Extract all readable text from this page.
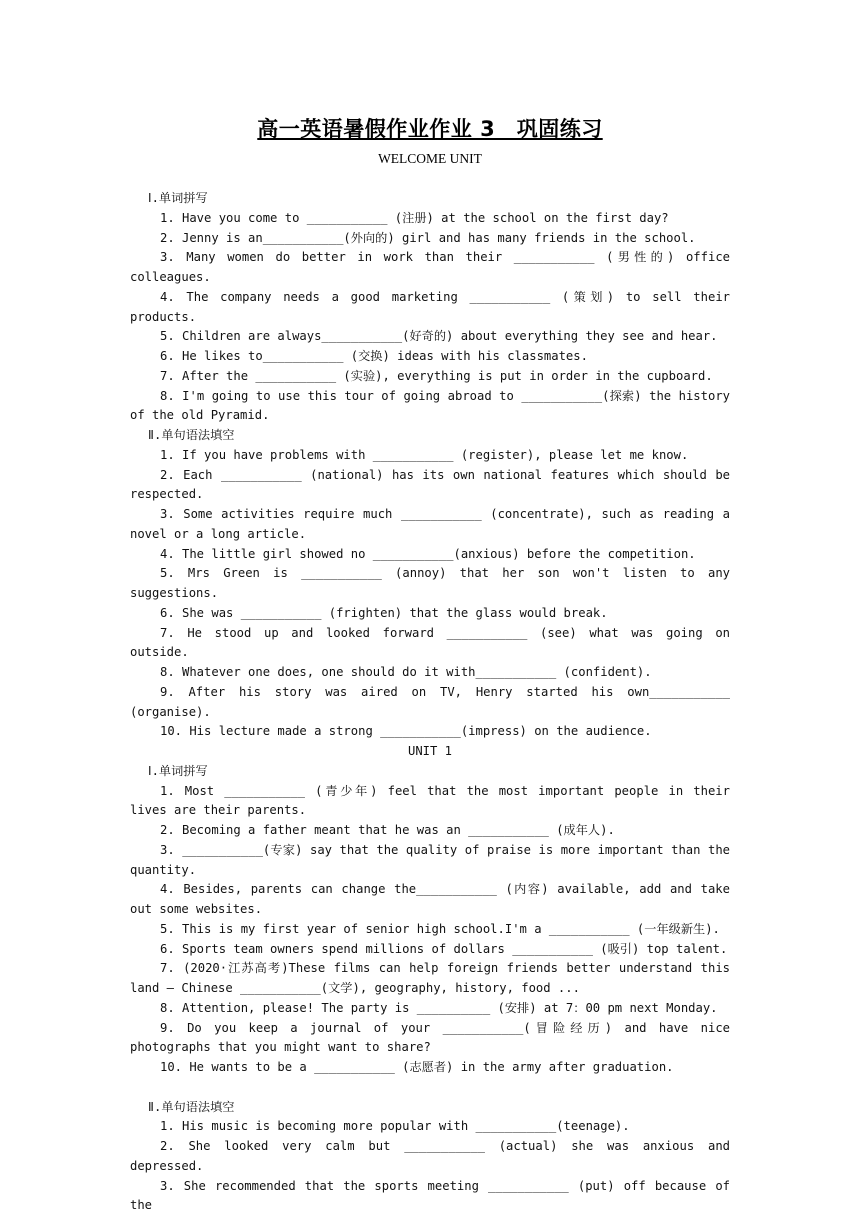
高一英语暑假作业作业 3　巩固练习
WELCOME UNIT
Ⅰ.单词拼写
1. Have you come to ___________ (注册) at the school on the first day?
2. Jenny is an___________(外向的) girl and has many friends in the school.
3. Many women do better in work than their ___________ (男性的) office colleagues.
4. The company needs a good marketing ___________ (策划) to sell their products.
5. Children are always___________(好奇的) about everything they see and hear.
6. He likes to___________ (交换) ideas with his classmates.
7. After the ___________ (实验), everything is put in order in the cupboard.
8. I'm going to use this tour of going abroad to ___________(探索) the history of the old Pyramid.
Ⅱ.单句语法填空
1. If you have problems with ___________ (register), please let me know.
2. Each ___________ (national) has its own national features which should be respected.
3. Some activities require much ___________ (concentrate), such as reading a novel or a long article.
4. The little girl showed no ___________(anxious) before the competition.
5. Mrs Green is ___________ (annoy) that her son won't listen to any suggestions.
6. She was ___________ (frighten) that the glass would break.
7. He stood up and looked forward ___________ (see) what was going on outside.
8. Whatever one does, one should do it with___________ (confident).
9. After his story was aired on TV, Henry started his own___________ (organise).
10. His lecture made a strong ___________(impress) on the audience.
UNIT 1
Ⅰ.单词拼写
1. Most ___________ (青少年) feel that the most important people in their lives are their parents.
2. Becoming a father meant that he was an ___________ (成年人).
3. ___________(专家) say that the quality of praise is more important than the quantity.
4. Besides, parents can change the___________ (内容) available, add and take out some websites.
5. This is my first year of senior high school.I'm a ___________ (一年级新生).
6. Sports team owners spend millions of dollars ___________ (吸引) top talent.
7. (2020·江苏高考)These films can help foreign friends better understand this land — Chinese ___________(文学), geography, history, food ...
8. Attention, please! The party is __________ (安排) at 7：00 pm next Monday.
9. Do you keep a journal of your ___________(冒险经历) and have nice photographs that you might want to share?
10. He wants to be a ___________ (志愿者) in the army after graduation.
Ⅱ.单句语法填空
1. His music is becoming more popular with ___________(teenage).
2. She looked very calm but ___________ (actual) she was anxious and depressed.
3. She recommended that the sports meeting ___________ (put) off because of the
